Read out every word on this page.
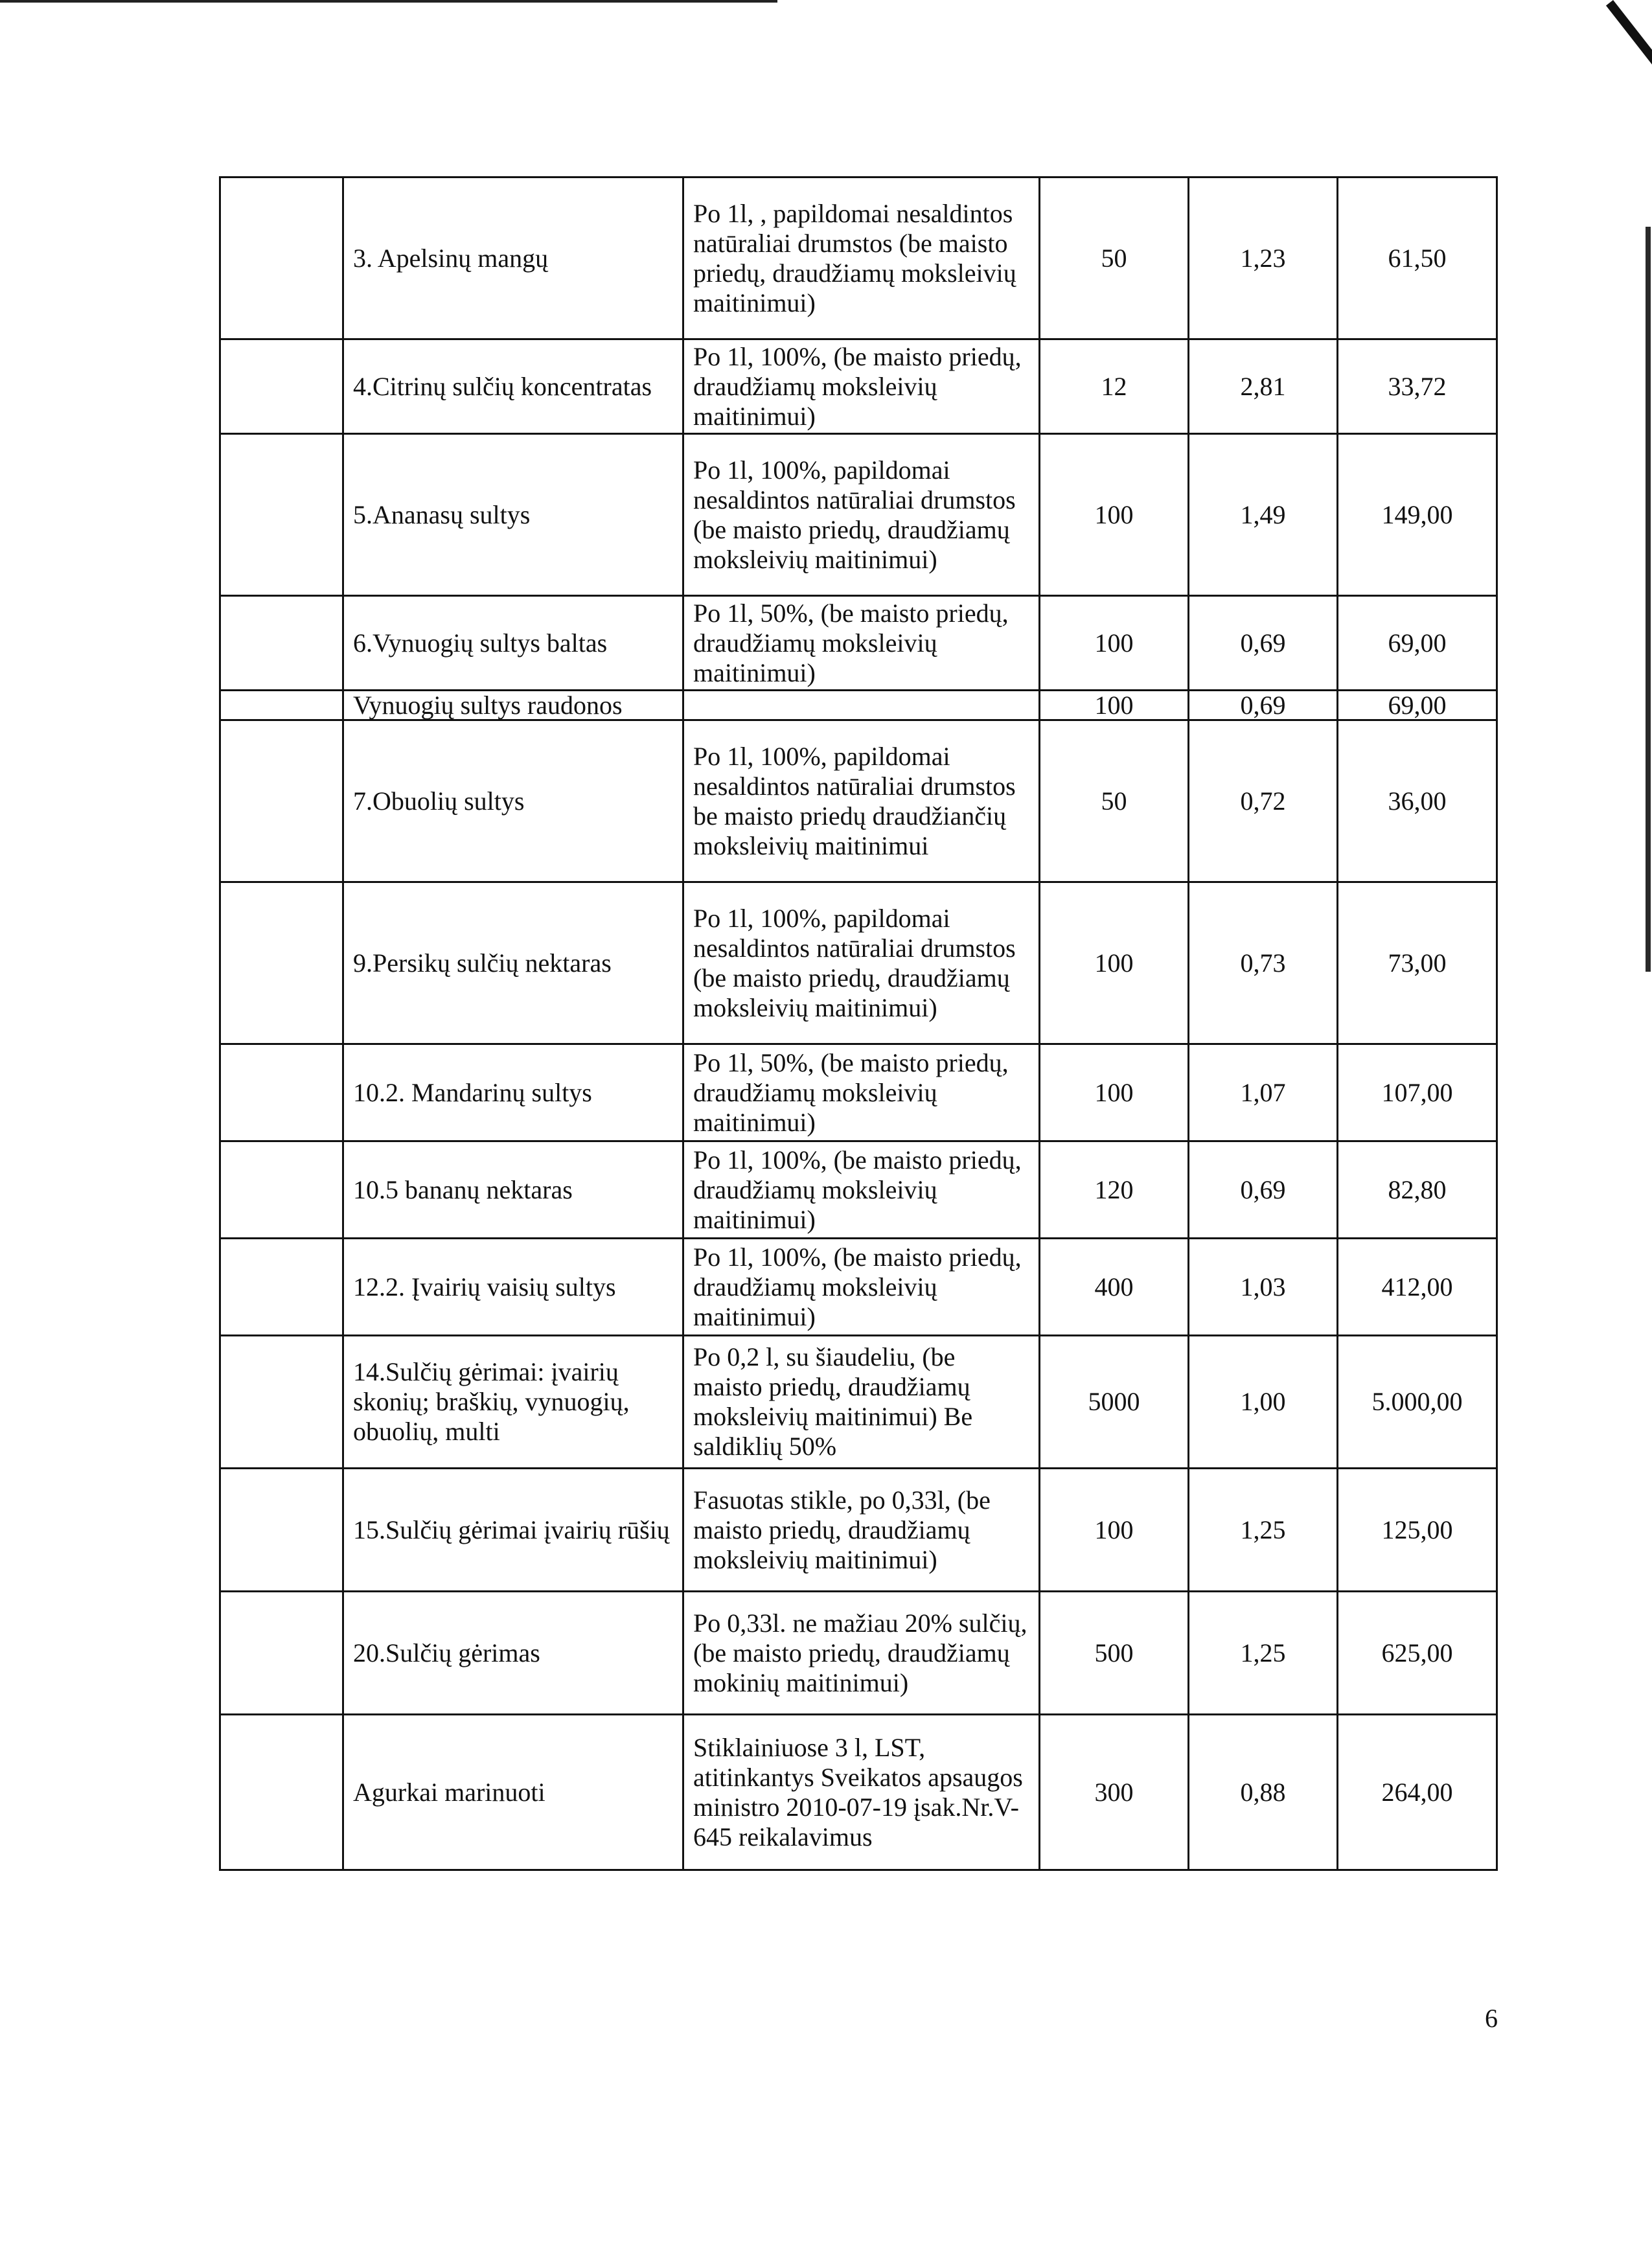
	3. Apelsinų mangų	Po 1l, , papildomai nesaldintos natūraliai drumstos (be maisto priedų, draudžiamų moksleivių maitinimui)	50	1,23	61,50
	4.Citrinų sulčių koncentratas	Po 1l, 100%, (be maisto priedų, draudžiamų moksleivių maitinimui)	12	2,81	33,72
	5.Ananasų sultys	Po 1l, 100%, papildomai nesaldintos natūraliai drumstos (be maisto priedų, draudžiamų moksleivių maitinimui)	100	1,49	149,00
	6.Vynuogių sultys baltas	Po 1l, 50%, (be maisto priedų, draudžiamų moksleivių maitinimui)	100	0,69	69,00
	Vynuogių sultys raudonos		100	0,69	69,00
	7.Obuolių sultys	Po 1l, 100%, papildomai nesaldintos natūraliai drumstos be maisto priedų draudžiančių moksleivių maitinimui	50	0,72	36,00
	9.Persikų sulčių nektaras	Po 1l, 100%, papildomai nesaldintos natūraliai drumstos (be maisto priedų, draudžiamų moksleivių maitinimui)	100	0,73	73,00
	10.2. Mandarinų sultys	Po 1l, 50%, (be maisto priedų, draudžiamų moksleivių maitinimui)	100	1,07	107,00
	10.5 bananų nektaras	Po 1l, 100%, (be maisto priedų, draudžiamų moksleivių maitinimui)	120	0,69	82,80
	12.2. Įvairių vaisių sultys	Po 1l, 100%, (be maisto priedų, draudžiamų moksleivių maitinimui)	400	1,03	412,00
	14.Sulčių gėrimai: įvairių skonių; braškių, vynuogių, obuolių, multi	Po 0,2 l, su šiaudeliu, (be maisto priedų, draudžiamų moksleivių maitinimui) Be saldiklių 50%	5000	1,00	5.000,00
	15.Sulčių gėrimai įvairių rūšių	Fasuotas stikle, po 0,33l, (be maisto priedų, draudžiamų moksleivių maitinimui)	100	1,25	125,00
	20.Sulčių gėrimas	Po 0,33l. ne mažiau 20% sulčių, (be maisto priedų, draudžiamų mokinių maitinimui)	500	1,25	625,00
	Agurkai marinuoti	Stiklainiuose 3 l, LST, atitinkantys Sveikatos apsaugos ministro 2010-07-19 įsak.Nr.V-645 reikalavimus	300	0,88	264,00
6
